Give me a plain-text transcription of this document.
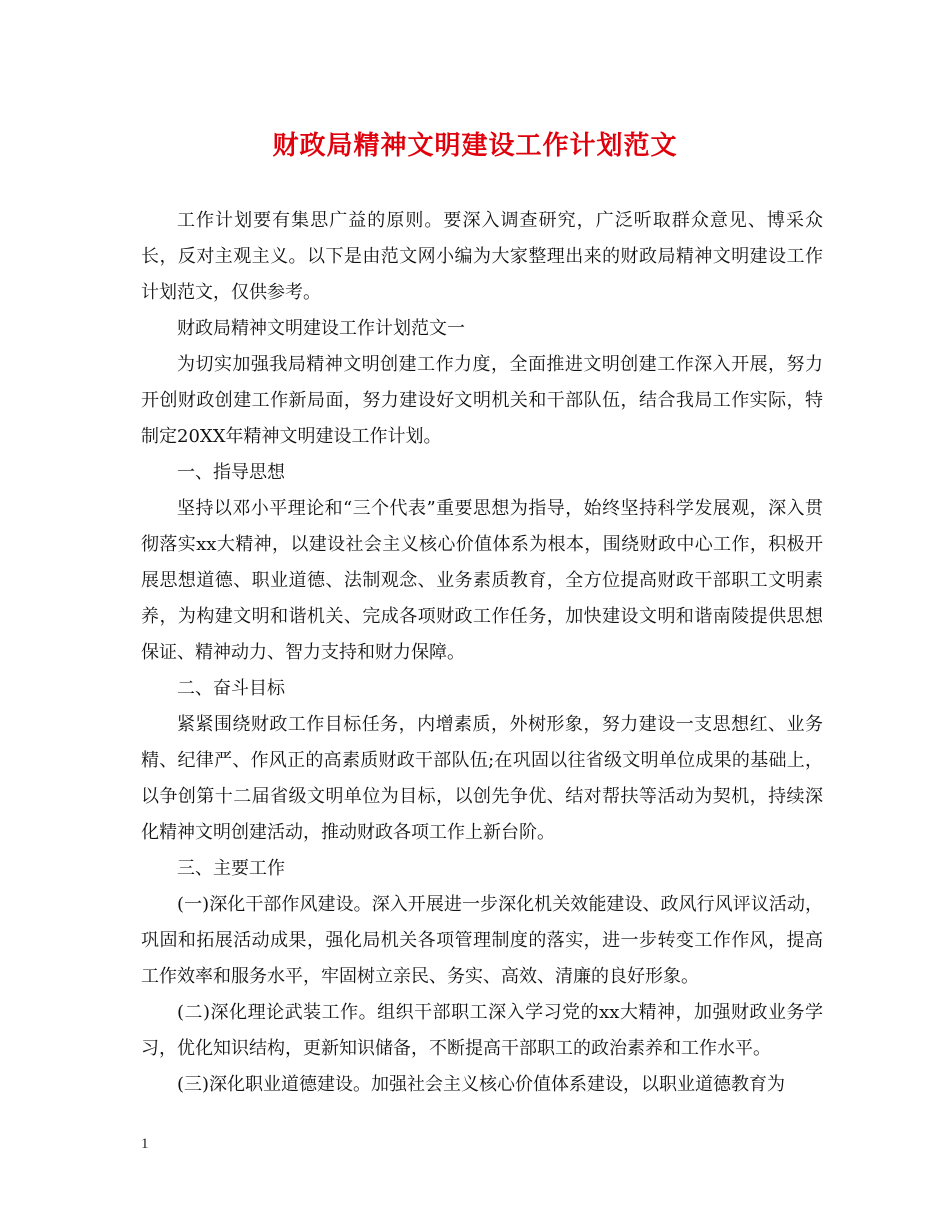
财政局精神文明建设工作计划范文

工作计划要有集思广益的原则。要深入调查研究，广泛听取群众意见、博采众长，反对主观主义。以下是由范文网小编为大家整理出来的财政局精神文明建设工作计划范文，仅供参考。

财政局精神文明建设工作计划范文一

为切实加强我局精神文明创建工作力度，全面推进文明创建工作深入开展，努力开创财政创建工作新局面，努力建设好文明机关和干部队伍，结合我局工作实际，特制定20XX年精神文明建设工作计划。

一、指导思想

坚持以邓小平理论和“三个代表”重要思想为指导，始终坚持科学发展观，深入贯彻落实xx大精神，以建设社会主义核心价值体系为根本，围绕财政中心工作，积极开展思想道德、职业道德、法制观念、业务素质教育，全方位提高财政干部职工文明素养，为构建文明和谐机关、完成各项财政工作任务，加快建设文明和谐南陵提供思想保证、精神动力、智力支持和财力保障。

二、奋斗目标

紧紧围绕财政工作目标任务，内增素质，外树形象，努力建设一支思想红、业务精、纪律严、作风正的高素质财政干部队伍;在巩固以往省级文明单位成果的基础上，以争创第十二届省级文明单位为目标，以创先争优、结对帮扶等活动为契机，持续深化精神文明创建活动，推动财政各项工作上新台阶。

三、主要工作

(一)深化干部作风建设。深入开展进一步深化机关效能建设、政风行风评议活动，巩固和拓展活动成果，强化局机关各项管理制度的落实，进一步转变工作作风，提高工作效率和服务水平，牢固树立亲民、务实、高效、清廉的良好形象。

(二)深化理论武装工作。组织干部职工深入学习党的xx大精神，加强财政业务学习，优化知识结构，更新知识储备，不断提高干部职工的政治素养和工作水平。

(三)深化职业道德建设。加强社会主义核心价值体系建设，以职业道德教育为

1
